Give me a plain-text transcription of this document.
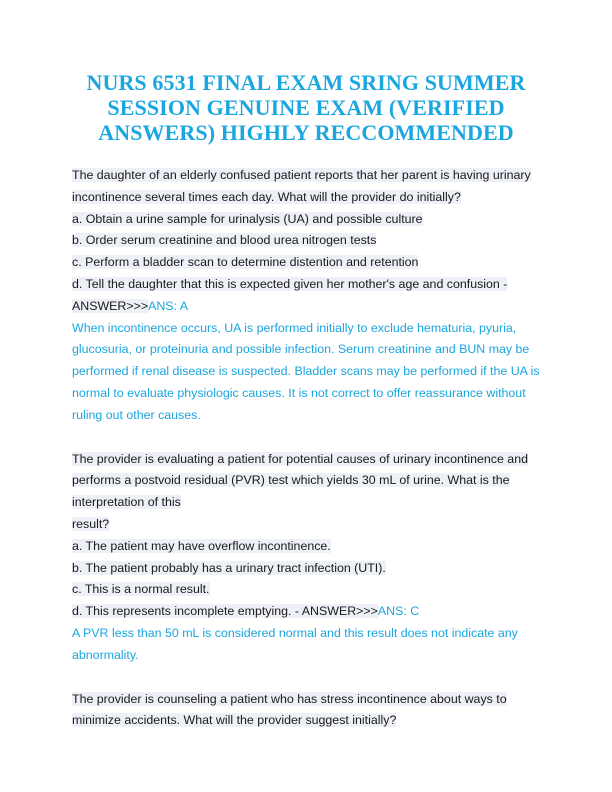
NURS 6531 FINAL EXAM SRING SUMMER
SESSION GENUINE EXAM (VERIFIED
ANSWERS) HIGHLY RECCOMMENDED
The daughter of an elderly confused patient reports that her parent is having urinary
incontinence several times each day. What will the provider do initially?
a. Obtain a urine sample for urinalysis (UA) and possible culture
b. Order serum creatinine and blood urea nitrogen tests
c. Perform a bladder scan to determine distention and retention
d. Tell the daughter that this is expected given her mother's age and confusion -
ANSWER>>>ANS: A
When incontinence occurs, UA is performed initially to exclude hematuria, pyuria,
glucosuria, or proteinuria and possible infection. Serum creatinine and BUN may be
performed if renal disease is suspected. Bladder scans may be performed if the UA is
normal to evaluate physiologic causes. It is not correct to offer reassurance without
ruling out other causes.
The provider is evaluating a patient for potential causes of urinary incontinence and
performs a postvoid residual (PVR) test which yields 30 mL of urine. What is the
interpretation of this
result?
a. The patient may have overflow incontinence.
b. The patient probably has a urinary tract infection (UTI).
c. This is a normal result.
d. This represents incomplete emptying. - ANSWER>>>ANS: C
A PVR less than 50 mL is considered normal and this result does not indicate any
abnormality.
The provider is counseling a patient who has stress incontinence about ways to
minimize accidents. What will the provider suggest initially?
